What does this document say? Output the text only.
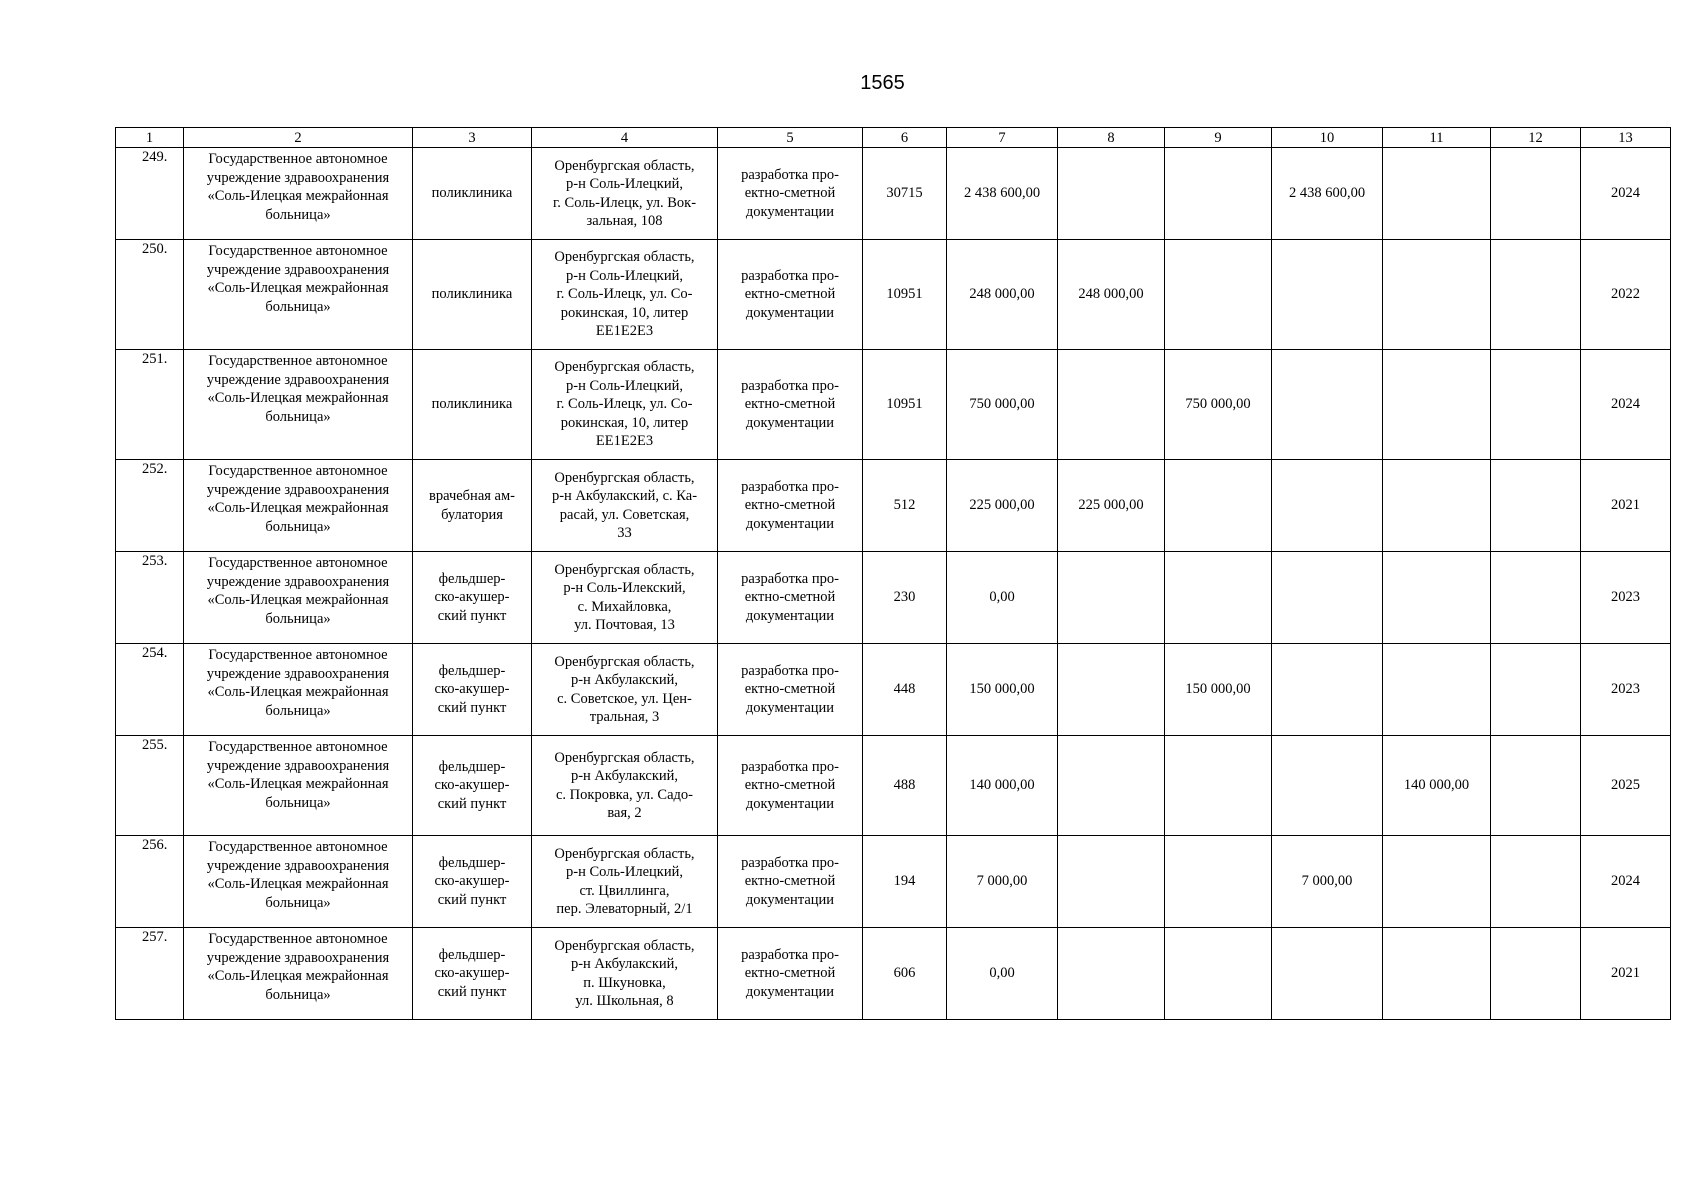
1565
1	2	3	4	5	6	7	8	9	10	11	12	13

249.	Государственное автономное
учреждение здравоохранения
«Соль-Илецкая межрайонная
больница»	поликлиника	Оренбургская область,
р-н Соль-Илецкий,
г. Соль-Илецк, ул. Вок-
зальная, 108	разработка про-
ектно-сметной
документации	30715	2 438 600,00			2 438 600,00			2024

250.	Государственное автономное
учреждение здравоохранения
«Соль-Илецкая межрайонная
больница»	поликлиника	Оренбургская область,
р-н Соль-Илецкий,
г. Соль-Илецк, ул. Со-
рокинская, 10, литер
ЕЕ1Е2Е3	разработка про-
ектно-сметной
документации	10951	248 000,00	248 000,00					2022

251.	Государственное автономное
учреждение здравоохранения
«Соль-Илецкая межрайонная
больница»	поликлиника	Оренбургская область,
р-н Соль-Илецкий,
г. Соль-Илецк, ул. Со-
рокинская, 10, литер
ЕЕ1Е2Е3	разработка про-
ектно-сметной
документации	10951	750 000,00		750 000,00				2024

252.	Государственное автономное
учреждение здравоохранения
«Соль-Илецкая межрайонная
больница»	врачебная ам-
булатория	Оренбургская область,
р-н Акбулакский, с. Ка-
расай, ул. Советская,
33	разработка про-
ектно-сметной
документации	512	225 000,00	225 000,00					2021

253.	Государственное автономное
учреждение здравоохранения
«Соль-Илецкая межрайонная
больница»	фельдшер-
ско-акушер-
ский пункт	Оренбургская область,
р-н Соль-Илекский,
с. Михайловка,
ул. Почтовая, 13	разработка про-
ектно-сметной
документации	230	0,00						2023

254.	Государственное автономное
учреждение здравоохранения
«Соль-Илецкая межрайонная
больница»	фельдшер-
ско-акушер-
ский пункт	Оренбургская область,
р-н Акбулакский,
с. Советское, ул. Цен-
тральная, 3	разработка про-
ектно-сметной
документации	448	150 000,00		150 000,00				2023

255.	Государственное автономное
учреждение здравоохранения
«Соль-Илецкая межрайонная
больница»	фельдшер-
ско-акушер-
ский пункт	Оренбургская область,
р-н Акбулакский,
с. Покровка, ул. Садо-
вая, 2	разработка про-
ектно-сметной
документации	488	140 000,00				140 000,00		2025

256.	Государственное автономное
учреждение здравоохранения
«Соль-Илецкая межрайонная
больница»	фельдшер-
ско-акушер-
ский пункт	Оренбургская область,
р-н Соль-Илецкий,
ст. Цвиллинга,
пер. Элеваторный, 2/1	разработка про-
ектно-сметной
документации	194	7 000,00			7 000,00			2024

257.	Государственное автономное
учреждение здравоохранения
«Соль-Илецкая межрайонная
больница»	фельдшер-
ско-акушер-
ский пункт	Оренбургская область,
р-н Акбулакский,
п. Шкуновка,
ул. Школьная, 8	разработка про-
ектно-сметной
документации	606	0,00						2021
